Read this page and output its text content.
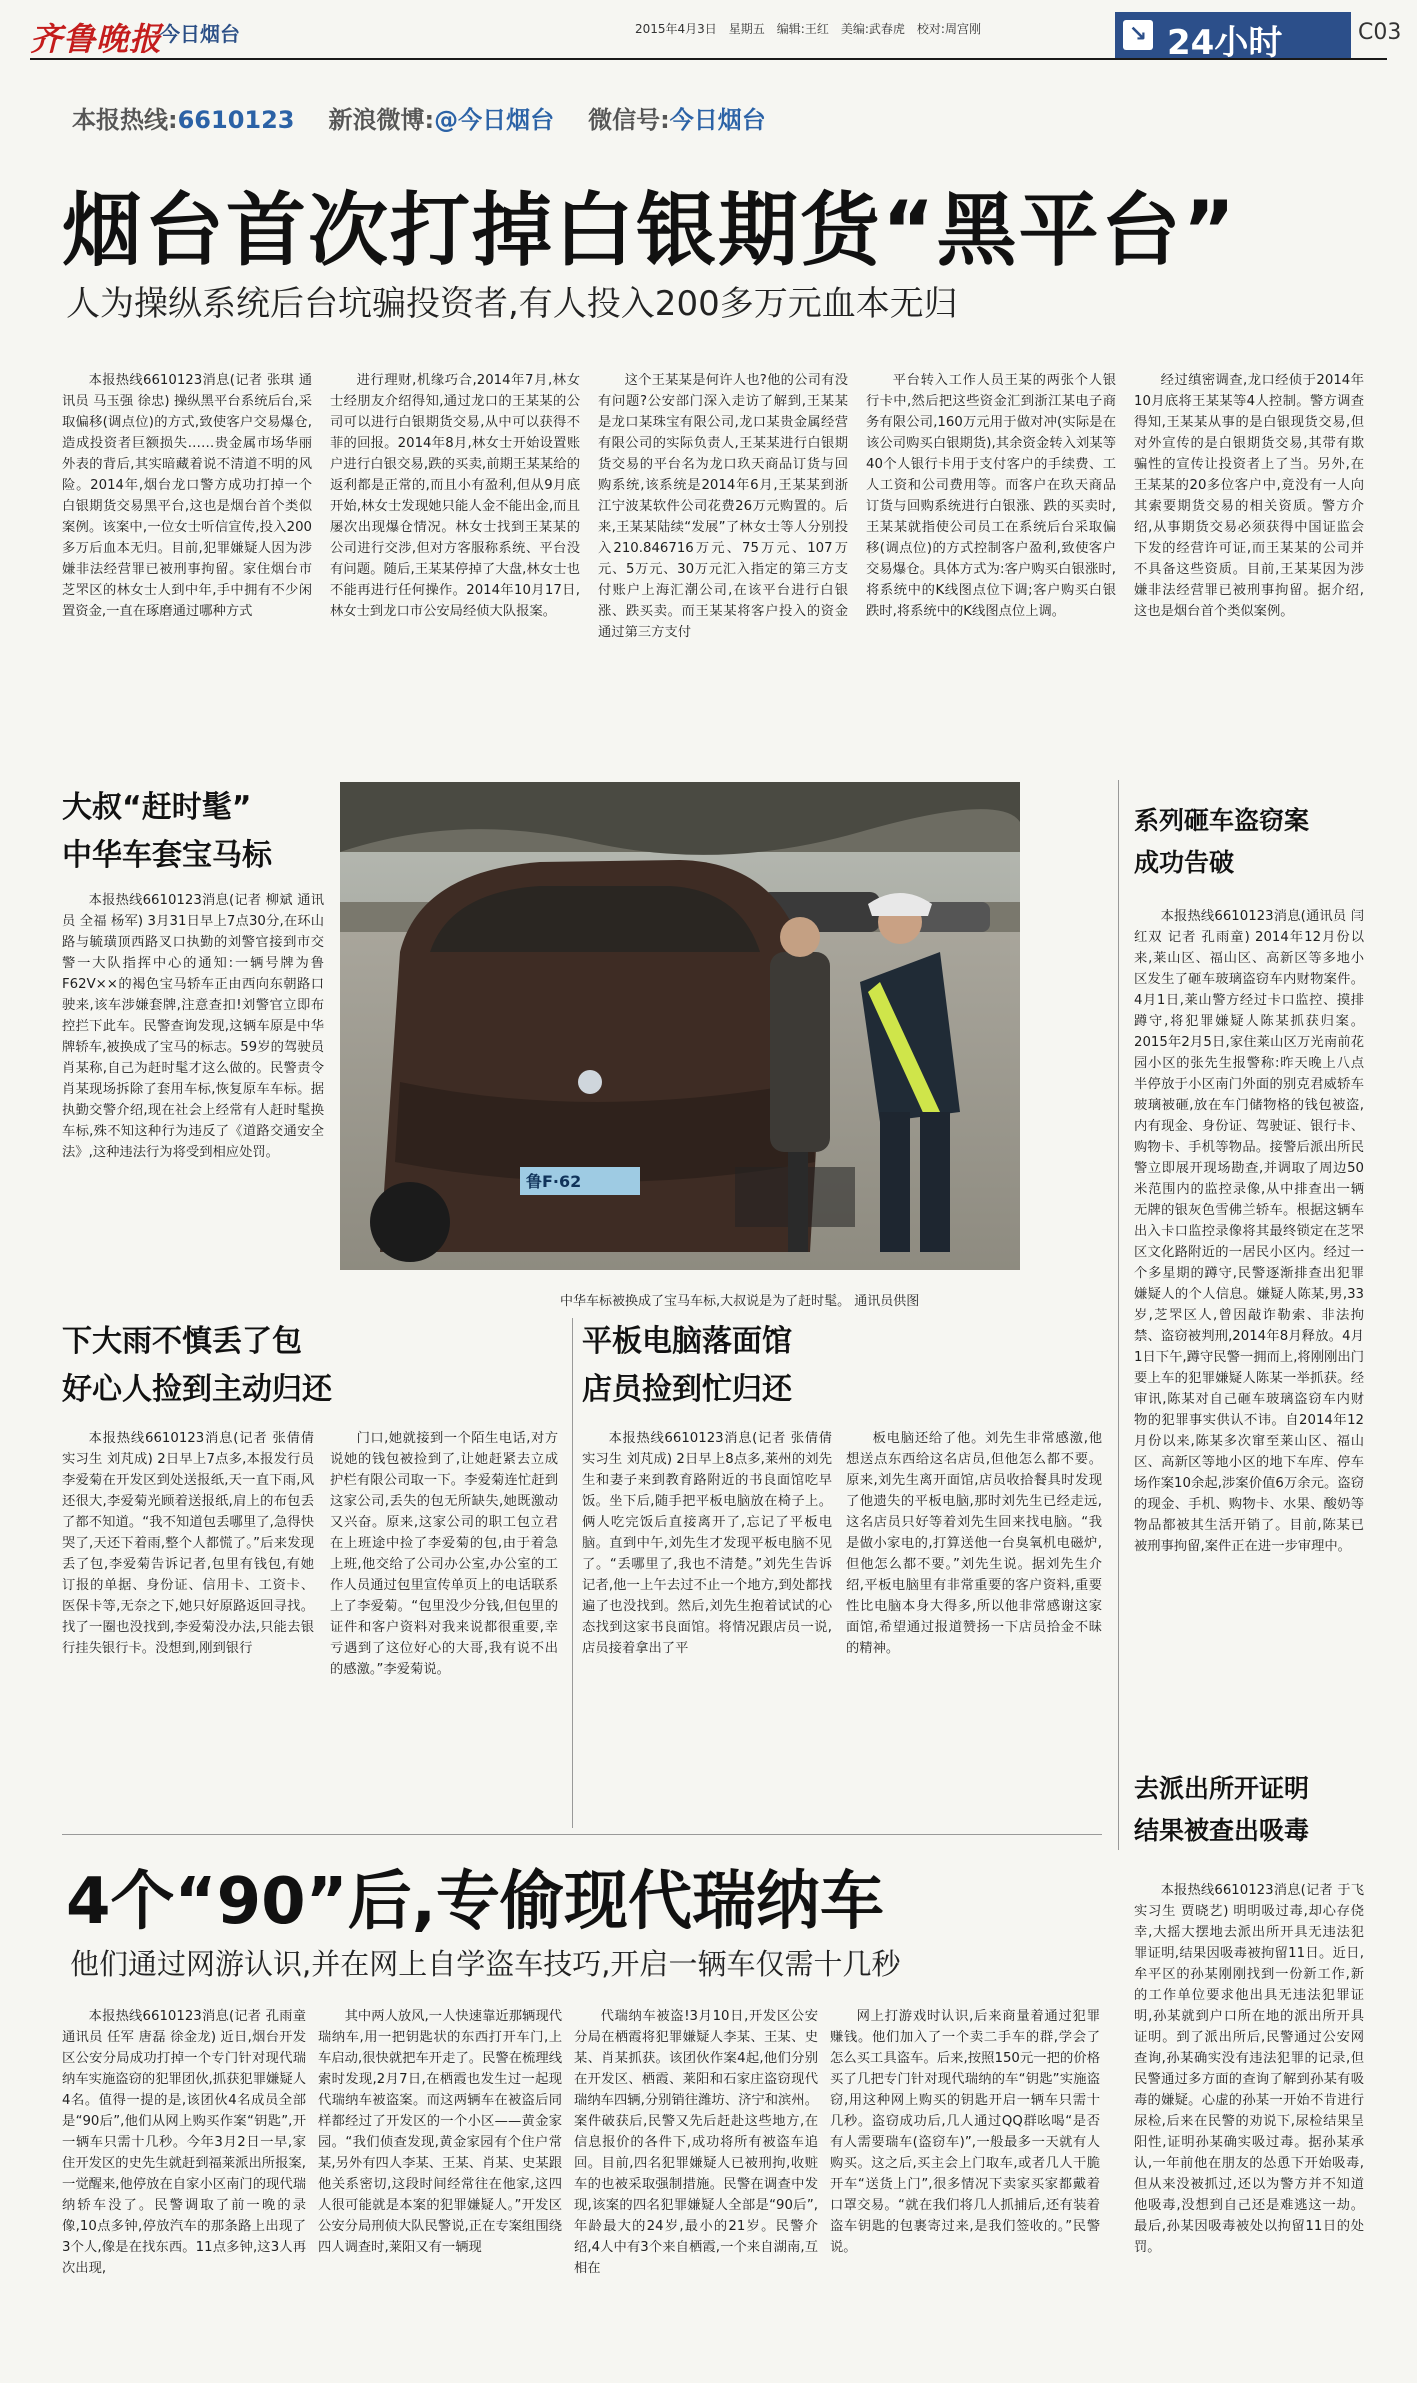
齐鲁晚报
今日烟台	2015年4月3日　星期五　编辑:王红　美编:武春虎　校对:周宫刚	↘ 24小时	C03
本报热线:6610123 新浪微博:@今日烟台 微信号:今日烟台
烟台首次打掉白银期货“黑平台”
人为操纵系统后台坑骗投资者,有人投入200多万元血本无归

本报热线6610123消息(记者 张琪 通讯员 马玉强 徐忠) 操纵黑平台系统后台,采取偏移(调点位)的方式,致使客户交易爆仓,造成投资者巨额损失……贵金属市场华丽外表的背后,其实暗藏着说不清道不明的风险。2014年,烟台龙口警方成功打掉一个白银期货交易黑平台,这也是烟台首个类似案例。该案中,一位女士听信宣传,投入200多万后血本无归。目前,犯罪嫌疑人因为涉嫌非法经营罪已被刑事拘留。家住烟台市芝罘区的林女士人到中年,手中拥有不少闲置资金,一直在琢磨通过哪种方式

进行理财,机缘巧合,2014年7月,林女士经朋友介绍得知,通过龙口的王某某的公司可以进行白银期货交易,从中可以获得不菲的回报。2014年8月,林女士开始设置账户进行白银交易,跌的买卖,前期王某某给的返利都是正常的,而且小有盈利,但从9月底开始,林女士发现她只能人金不能出金,而且屡次出现爆仓情况。林女士找到王某某的公司进行交涉,但对方客服称系统、平台没有问题。随后,王某某停掉了大盘,林女士也不能再进行任何操作。2014年10月17日,林女士到龙口市公安局经侦大队报案。

这个王某某是何许人也?他的公司有没有问题?公安部门深入走访了解到,王某某是龙口某珠宝有限公司,龙口某贵金属经营有限公司的实际负责人,王某某进行白银期货交易的平台名为龙口玖天商品订货与回购系统,该系统是2014年6月,王某某到浙江宁波某软件公司花费26万元购置的。后来,王某某陆续“发展”了林女士等人分别投入210.846716万元、75万元、107万元、5万元、30万元汇入指定的第三方支付账户上海汇潮公司,在该平台进行白银涨、跌买卖。而王某某将客户投入的资金通过第三方支付

平台转入工作人员王某的两张个人银行卡中,然后把这些资金汇到浙江某电子商务有限公司,160万元用于做对冲(实际是在该公司购买白银期货),其余资金转入刘某等40个人银行卡用于支付客户的手续费、工人工资和公司费用等。而客户在玖天商品订货与回购系统进行白银涨、跌的买卖时,王某某就指使公司员工在系统后台采取偏移(调点位)的方式控制客户盈利,致使客户交易爆仓。具体方式为:客户购买白银涨时,将系统中的K线图点位下调;客户购买白银跌时,将系统中的K线图点位上调。

经过缜密调查,龙口经侦于2014年10月底将王某某等4人控制。警方调查得知,王某某从事的是白银现货交易,但对外宣传的是白银期货交易,其带有欺骗性的宣传让投资者上了当。另外,在王某某的20多位客户中,竟没有一人向其索要期货交易的相关资质。警方介绍,从事期货交易必须获得中国证监会下发的经营许可证,而王某某的公司并不具备这些资质。目前,王某某因为涉嫌非法经营罪已被刑事拘留。据介绍,这也是烟台首个类似案例。

大叔“赶时髦”
中华车套宝马标

本报热线6610123消息(记者 柳斌 通讯员 全福 杨军) 3月31日早上7点30分,在环山路与毓璜顶西路叉口执勤的刘警官接到市交警一大队指挥中心的通知:一辆号牌为鲁F62V××的褐色宝马轿车正由西向东朝路口驶来,该车涉嫌套牌,注意查扣!刘警官立即布控拦下此车。民警查询发现,这辆车原是中华牌轿车,被换成了宝马的标志。59岁的驾驶员肖某称,自己为赶时髦才这么做的。民警责令肖某现场拆除了套用车标,恢复原车车标。据执勤交警介绍,现在社会上经常有人赶时髦换车标,殊不知这种行为违反了《道路交通安全法》,这种违法行为将受到相应处罚。

鲁F·62
中华车标被换成了宝马车标,大叔说是为了赶时髦。 通讯员供图
系列砸车盗窃案
成功告破

本报热线6610123消息(通讯员 闫红双 记者 孔雨童) 2014年12月份以来,莱山区、福山区、高新区等多地小区发生了砸车玻璃盗窃车内财物案件。4月1日,莱山警方经过卡口监控、摸排蹲守,将犯罪嫌疑人陈某抓获归案。2015年2月5日,家住莱山区万光南前花园小区的张先生报警称:昨天晚上八点半停放于小区南门外面的别克君威轿车玻璃被砸,放在车门储物格的钱包被盗,内有现金、身份证、驾驶证、银行卡、购物卡、手机等物品。接警后派出所民警立即展开现场勘查,并调取了周边50米范围内的监控录像,从中排查出一辆无牌的银灰色雪佛兰轿车。根据这辆车出入卡口监控录像将其最终锁定在芝罘区文化路附近的一居民小区内。经过一个多星期的蹲守,民警逐渐排查出犯罪嫌疑人的个人信息。嫌疑人陈某,男,33岁,芝罘区人,曾因敲诈勒索、非法拘禁、盗窃被判刑,2014年8月释放。4月1日下午,蹲守民警一拥而上,将刚刚出门要上车的犯罪嫌疑人陈某一举抓获。经审讯,陈某对自己砸车玻璃盗窃车内财物的犯罪事实供认不讳。自2014年12月份以来,陈某多次窜至莱山区、福山区、高新区等地小区的地下车库、停车场作案10余起,涉案价值6万余元。盗窃的现金、手机、购物卡、水果、酸奶等物品都被其生活开销了。目前,陈某已被刑事拘留,案件正在进一步审理中。

下大雨不慎丢了包
好心人捡到主动归还

本报热线6610123消息(记者 张倩倩 实习生 刘芃成) 2日早上7点多,本报发行员李爱菊在开发区到处送报纸,天一直下雨,风还很大,李爱菊光顾着送报纸,肩上的布包丢了都不知道。“我不知道包丢哪里了,急得快哭了,天还下着雨,整个人都慌了。”后来发现丢了包,李爱菊告诉记者,包里有钱包,有她订报的单据、身份证、信用卡、工资卡、医保卡等,无奈之下,她只好原路返回寻找。找了一圈也没找到,李爱菊没办法,只能去银行挂失银行卡。没想到,刚到银行

门口,她就接到一个陌生电话,对方说她的钱包被捡到了,让她赶紧去立成护栏有限公司取一下。李爱菊连忙赶到这家公司,丢失的包无所缺失,她既激动又兴奋。原来,这家公司的职工包立君在上班途中捡了李爱菊的包,由于着急上班,他交给了公司办公室,办公室的工作人员通过包里宣传单页上的电话联系上了李爱菊。“包里没少分钱,但包里的证件和客户资料对我来说都很重要,幸亏遇到了这位好心的大哥,我有说不出的感激。”李爱菊说。

平板电脑落面馆
店员捡到忙归还

本报热线6610123消息(记者 张倩倩 实习生 刘芃成) 2日早上8点多,莱州的刘先生和妻子来到教育路附近的书良面馆吃早饭。坐下后,随手把平板电脑放在椅子上。俩人吃完饭后直接离开了,忘记了平板电脑。直到中午,刘先生才发现平板电脑不见了。“丢哪里了,我也不清楚。”刘先生告诉记者,他一上午去过不止一个地方,到处都找遍了也没找到。然后,刘先生抱着试试的心态找到这家书良面馆。将情况跟店员一说,店员接着拿出了平

板电脑还给了他。刘先生非常感激,他想送点东西给这名店员,但他怎么都不要。原来,刘先生离开面馆,店员收拾餐具时发现了他遗失的平板电脑,那时刘先生已经走远,这名店员只好等着刘先生回来找电脑。“我是做小家电的,打算送他一台臭氧机电磁炉,但他怎么都不要。”刘先生说。据刘先生介绍,平板电脑里有非常重要的客户资料,重要性比电脑本身大得多,所以他非常感谢这家面馆,希望通过报道赞扬一下店员拾金不昧的精神。

去派出所开证明
结果被查出吸毒

本报热线6610123消息(记者 于飞 实习生 贾晓艺) 明明吸过毒,却心存侥幸,大摇大摆地去派出所开具无违法犯罪证明,结果因吸毒被拘留11日。近日,牟平区的孙某刚刚找到一份新工作,新的工作单位要求他出具无违法犯罪证明,孙某就到户口所在地的派出所开具证明。到了派出所后,民警通过公安网查询,孙某确实没有违法犯罪的记录,但民警通过多方面的查询了解到孙某有吸毒的嫌疑。心虚的孙某一开始不肯进行尿检,后来在民警的劝说下,尿检结果呈阳性,证明孙某确实吸过毒。据孙某承认,一年前他在朋友的怂恿下开始吸毒,但从来没被抓过,还以为警方并不知道他吸毒,没想到自己还是难逃这一劫。最后,孙某因吸毒被处以拘留11日的处罚。

4个“90”后,专偷现代瑞纳车
他们通过网游认识,并在网上自学盗车技巧,开启一辆车仅需十几秒

本报热线6610123消息(记者 孔雨童 通讯员 任军 唐磊 徐金龙) 近日,烟台开发区公安分局成功打掉一个专门针对现代瑞纳车实施盗窃的犯罪团伙,抓获犯罪嫌疑人4名。值得一提的是,该团伙4名成员全部是“90后”,他们从网上购买作案“钥匙”,开一辆车只需十几秒。今年3月2日一早,家住开发区的史先生就赶到福莱派出所报案,一觉醒来,他停放在自家小区南门的现代瑞纳轿车没了。民警调取了前一晚的录像,10点多钟,停放汽车的那条路上出现了3个人,像是在找东西。11点多钟,这3人再次出现,

其中两人放风,一人快速靠近那辆现代瑞纳车,用一把钥匙状的东西打开车门,上车启动,很快就把车开走了。民警在梳理线索时发现,2月7日,在栖霞也发生过一起现代瑞纳车被盗案。而这两辆车在被盗后同样都经过了开发区的一个小区——黄金家园。“我们侦查发现,黄金家园有个住户常某,另外有四人李某、王某、肖某、史某跟他关系密切,这段时间经常往在他家,这四人很可能就是本案的犯罪嫌疑人。”开发区公安分局刑侦大队民警说,正在专案组围绕四人调查时,莱阳又有一辆现

代瑞纳车被盗!3月10日,开发区公安分局在栖霞将犯罪嫌疑人李某、王某、史某、肖某抓获。该团伙作案4起,他们分别在开发区、栖霞、莱阳和石家庄盗窃现代瑞纳车四辆,分别销往潍坊、济宁和滨州。案件破获后,民警又先后赶赴这些地方,在信息报价的各件下,成功将所有被盗车追回。目前,四名犯罪嫌疑人已被刑拘,收赃车的也被采取强制措施。民警在调查中发现,该案的四名犯罪嫌疑人全部是“90后”,年龄最大的24岁,最小的21岁。民警介绍,4人中有3个来自栖霞,一个来自湖南,互相在

网上打游戏时认识,后来商量着通过犯罪赚钱。他们加入了一个卖二手车的群,学会了怎么买工具盗车。后来,按照150元一把的价格买了几把专门针对现代瑞纳的车“钥匙”实施盗窃,用这种网上购买的钥匙开启一辆车只需十几秒。盗窃成功后,几人通过QQ群吆喝“是否有人需要瑞车(盗窃车)”,一般最多一天就有人购买。这之后,买主会上门取车,或者几人干脆开车“送货上门”,很多情况下卖家买家都戴着口罩交易。“就在我们将几人抓捕后,还有装着盗车钥匙的包裹寄过来,是我们签收的。”民警说。
